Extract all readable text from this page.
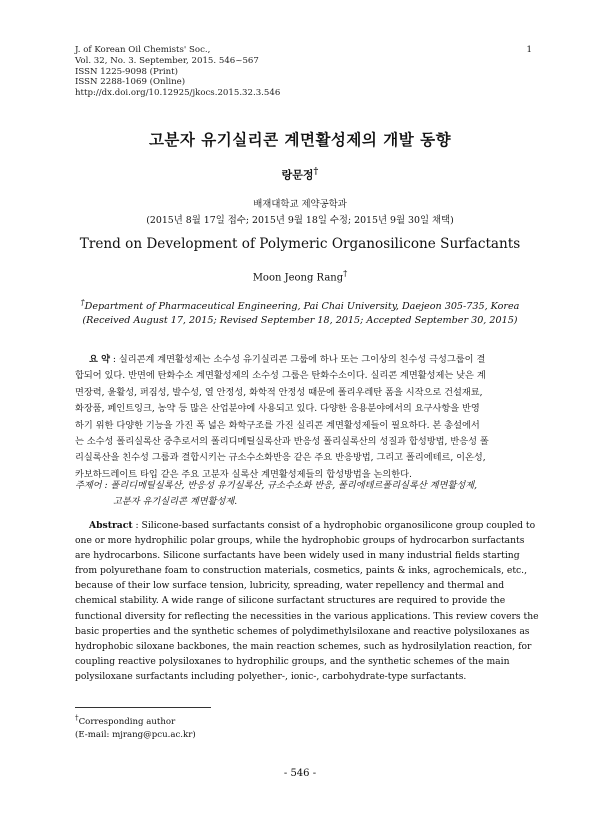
J. of Korean Oil Chemists' Soc.,
Vol. 32, No. 3. September, 2015. 546~567
ISSN 1225-9098 (Print)
ISSN 2288-1069 (Online)
http://dx.doi.org/10.12925/jkocs.2015.32.3.546
1
고분자 유기실리콘 계면활성제의 개발 동향
랑문정†
배재대학교 제약공학과
(2015년 8월 17일 접수; 2015년 9월 18일 수정; 2015년 9월 30일 채택)
Trend on Development of Polymeric Organosilicone Surfactants
Moon Jeong Rang†
†Department of Pharmaceutical Engineering, Pai Chai University, Daejeon 305-735, Korea
(Received August 17, 2015; Revised September 18, 2015; Accepted September 30, 2015)
요 약 : 실리콘계 계면활성제는 소수성 유기실리콘 그룹에 하나 또는 그이상의 친수성 극성그룹이 결
합되어 있다. 반면에 탄화수소 계면활성제의 소수성 그룹은 탄화수소이다. 실리콘 계면활성제는 낮은 계
면장력, 윤활성, 퍼짐성, 발수성, 열 안정성, 화학적 안정성 때문에 폴리우레탄 폼을 시작으로 건설재료,
화장품, 페인트잉크, 농약 등 많은 산업분야에 사용되고 있다. 다양한 응용분야에서의 요구사항을 반영
하기 위한 다양한 기능을 가진 폭 넓은 화학구조를 가진 실리콘 계면활성제들이 필요하다. 본 총설에서
는 소수성 폴리실록산 중추로서의 폴리디메틸실록산과 반응성 폴리실록산의 성질과 합성방법, 반응성 폴
리실록산을 친수성 그룹과 결합시키는 규소수소화반응 같은 주요 반응방법, 그리고 폴리에테르, 이온성,
카보하드레이트 타입 같은 주요 고분자 실록산 계면활성제들의 합성방법을 논의한다.
주제어 : 폴리디메틸실록산, 반응성 유기실록산, 규소수소화 반응, 폴리에테르폴리실록산 계면활성제,
고분자 유기실리콘 계면활성제.
Abstract : Silicone-based surfactants consist of a hydrophobic organosilicone group coupled to
one or more hydrophilic polar groups, while the hydrophobic groups of hydrocarbon surfactants
are hydrocarbons. Silicone surfactants have been widely used in many industrial fields starting
from polyurethane foam to construction materials, cosmetics, paints & inks, agrochemicals, etc.,
because of their low surface tension, lubricity, spreading, water repellency and thermal and
chemical stability. A wide range of silicone surfactant structures are required to provide the
functional diversity for reflecting the necessities in the various applications. This review covers the
basic properties and the synthetic schemes of polydimethylsiloxane and reactive polysiloxanes as
hydrophobic siloxane backbones, the main reaction schemes, such as hydrosilylation reaction, for
coupling reactive polysiloxanes to hydrophilic groups, and the synthetic schemes of the main
polysiloxane surfactants including polyether-, ionic-, carbohydrate-type surfactants.
†Corresponding author
(E-mail: mjrang@pcu.ac.kr)
- 546 -
